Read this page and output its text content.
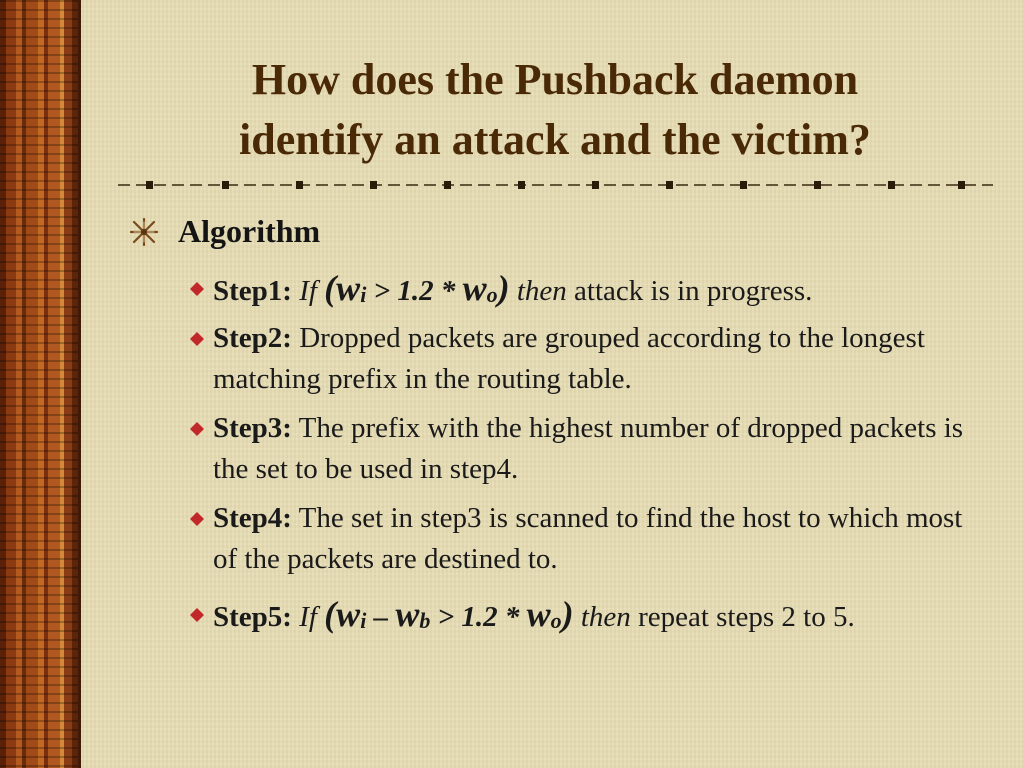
How does the Pushback daemon
identify an attack and the victim?
Algorithm
Step1: If (wi > 1.2 * wo) then attack is in progress.
Step2: Dropped packets are grouped according to the longest matching prefix in the routing table.
Step3: The prefix with the highest number of dropped packets is the set to be used in step4.
Step4: The set in step3 is scanned to find the host to which most of the packets are destined to.
Step5: If (wi – wb > 1.2 * wo) then repeat steps 2 to 5.
